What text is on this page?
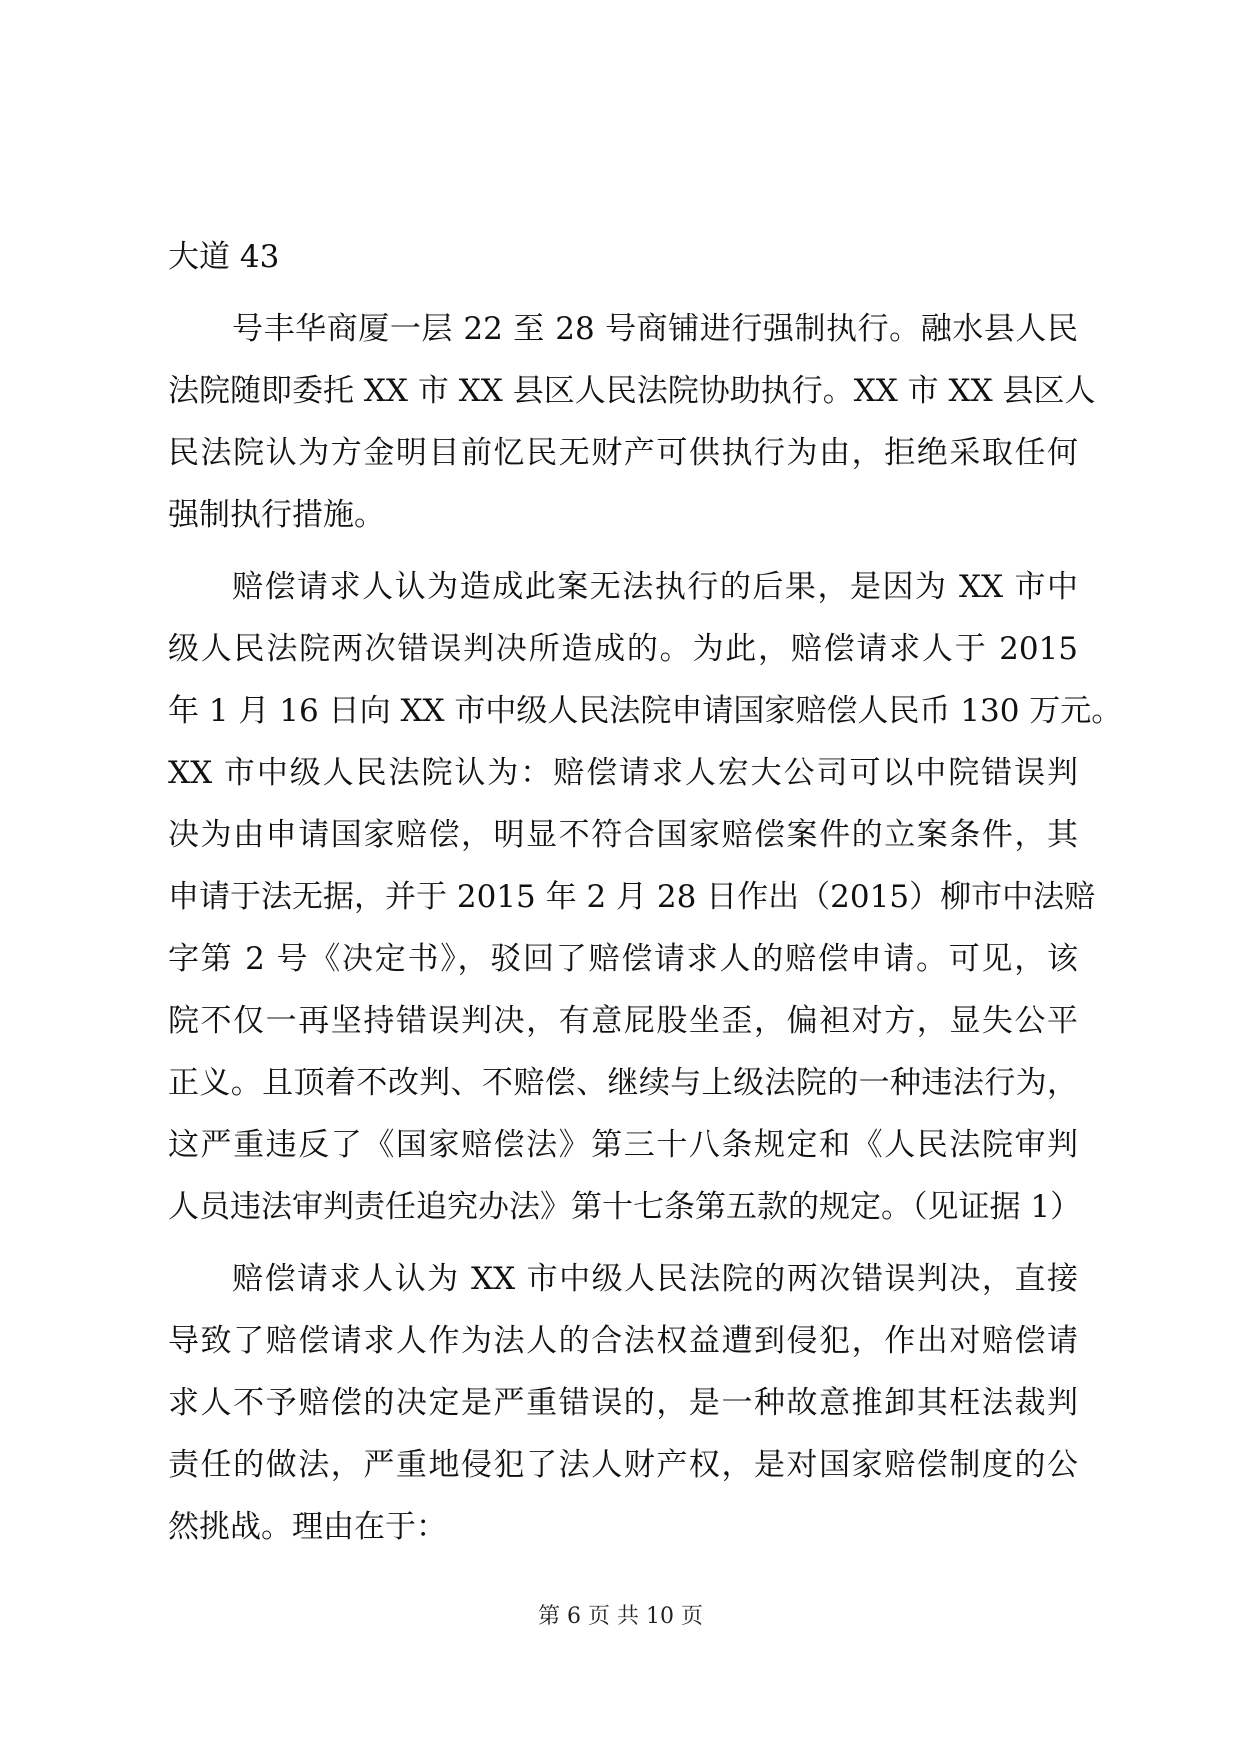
大道 43
号丰华商厦一层 22 至 28 号商铺进行强制执行。融水县人民
法院随即委托 XX 市 XX 县区人民法院协助执行。XX 市 XX 县区人
民法院认为方金明目前忆民无财产可供执行为由，拒绝采取任何
强制执行措施。
赔偿请求人认为造成此案无法执行的后果，是因为 XX 市中
级人民法院两次错误判决所造成的。为此，赔偿请求人于 2015
年 1 月 16 日向 XX 市中级人民法院申请国家赔偿人民币 130 万元。
XX 市中级人民法院认为：赔偿请求人宏大公司可以中院错误判
决为由申请国家赔偿，明显不符合国家赔偿案件的立案条件，其
申请于法无据，并于 2015 年 2 月 28 日作出（2015）柳市中法赔
字第 2 号《决定书》，驳回了赔偿请求人的赔偿申请。可见，该
院不仅一再坚持错误判决，有意屁股坐歪，偏袒对方，显失公平
正义。且顶着不改判、不赔偿、继续与上级法院的一种违法行为，
这严重违反了《国家赔偿法》第三十八条规定和《人民法院审判
人员违法审判责任追究办法》第十七条第五款的规定。（见证据 1）
赔偿请求人认为 XX 市中级人民法院的两次错误判决，直接
导致了赔偿请求人作为法人的合法权益遭到侵犯，作出对赔偿请
求人不予赔偿的决定是严重错误的，是一种故意推卸其枉法裁判
责任的做法，严重地侵犯了法人财产权，是对国家赔偿制度的公
然挑战。理由在于：
第 6 页 共 10 页
